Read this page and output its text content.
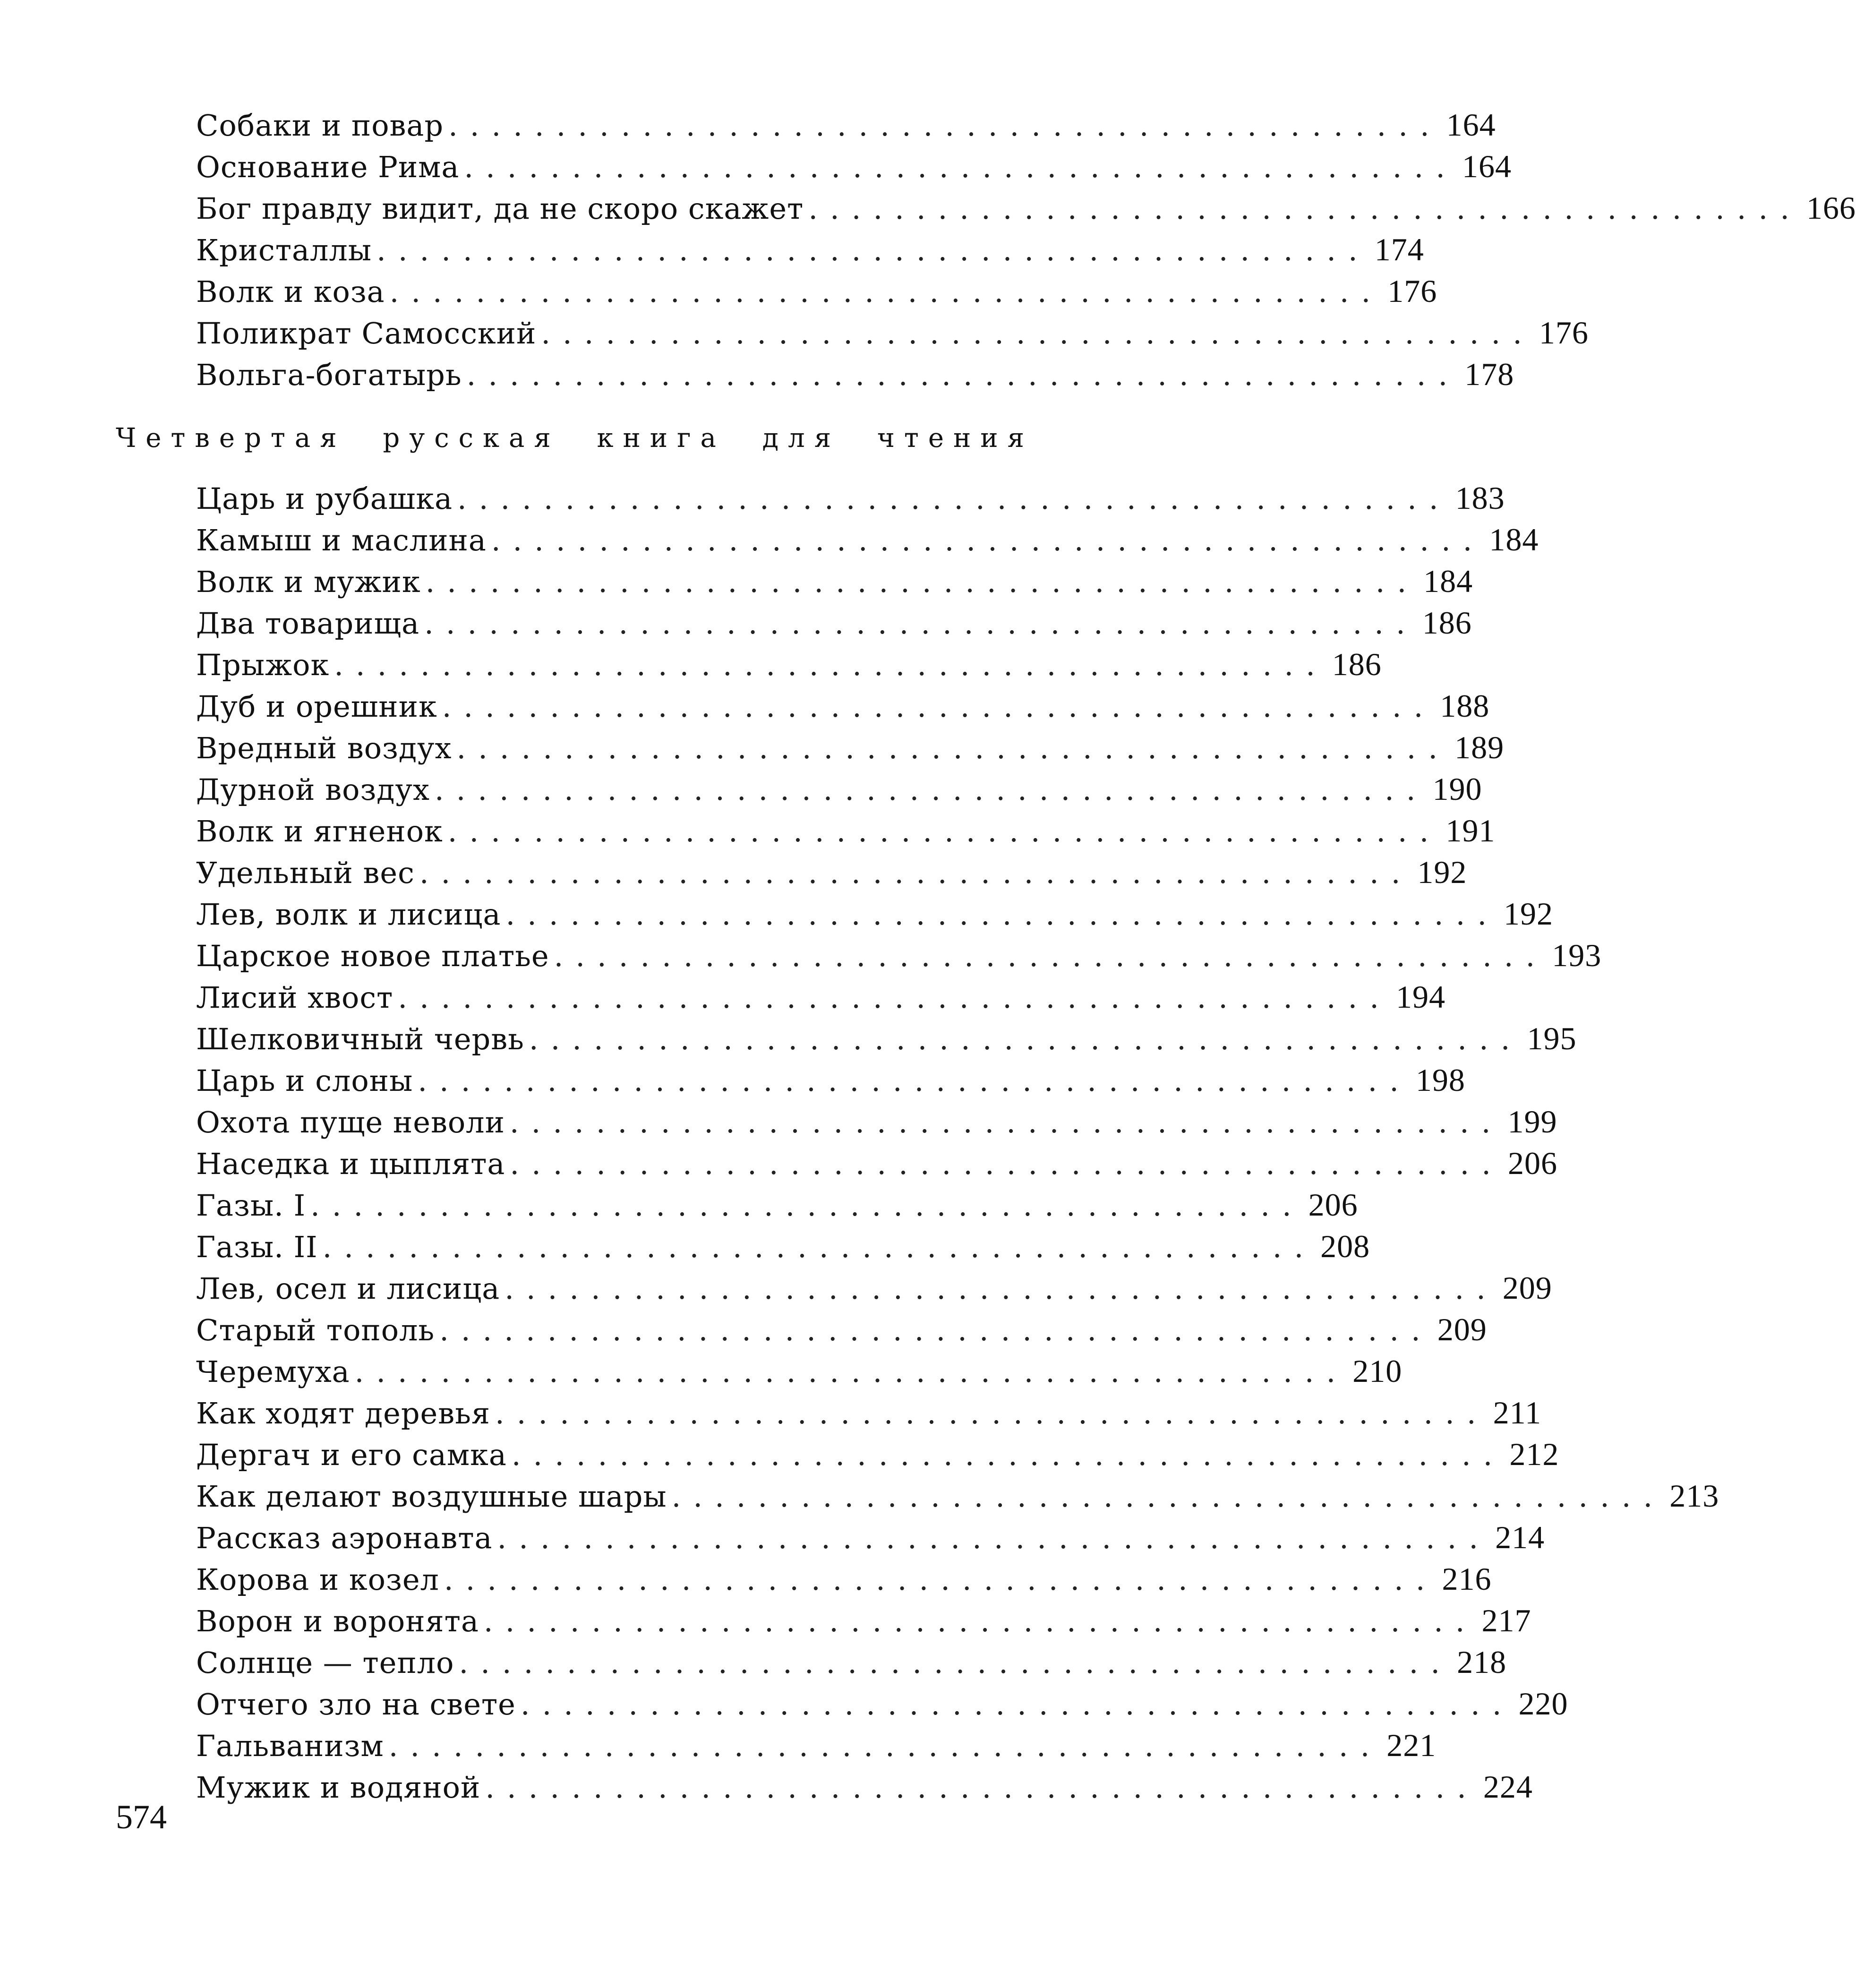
Собаки и повар .............................................. 164
Основание Рима .............................................. 164
Бог правду видит, да не скоро скажет .............................................. 166
Кристаллы .............................................. 174
Волк и коза .............................................. 176
Поликрат Самосский .............................................. 176
Вольга-богатырь .............................................. 178
Четвертая русская книга для чтения
Царь и рубашка .............................................. 183
Камыш и маслина .............................................. 184
Волк и мужик .............................................. 184
Два товарища .............................................. 186
Прыжок .............................................. 186
Дуб и орешник .............................................. 188
Вредный воздух .............................................. 189
Дурной воздух .............................................. 190
Волк и ягненок .............................................. 191
Удельный вес .............................................. 192
Лев, волк и лисица .............................................. 192
Царское новое платье .............................................. 193
Лисий хвост .............................................. 194
Шелковичный червь .............................................. 195
Царь и слоны .............................................. 198
Охота пуще неволи .............................................. 199
Наседка и цыплята .............................................. 206
Газы. I .............................................. 206
Газы. II .............................................. 208
Лев, осел и лисица .............................................. 209
Старый тополь .............................................. 209
Черемуха .............................................. 210
Как ходят деревья .............................................. 211
Дергач и его самка .............................................. 212
Как делают воздушные шары .............................................. 213
Рассказ аэронавта .............................................. 214
Корова и козел .............................................. 216
Ворон и воронята .............................................. 217
Солнце — тепло .............................................. 218
Отчего зло на свете .............................................. 220
Гальванизм .............................................. 221
Мужик и водяной .............................................. 224
574
